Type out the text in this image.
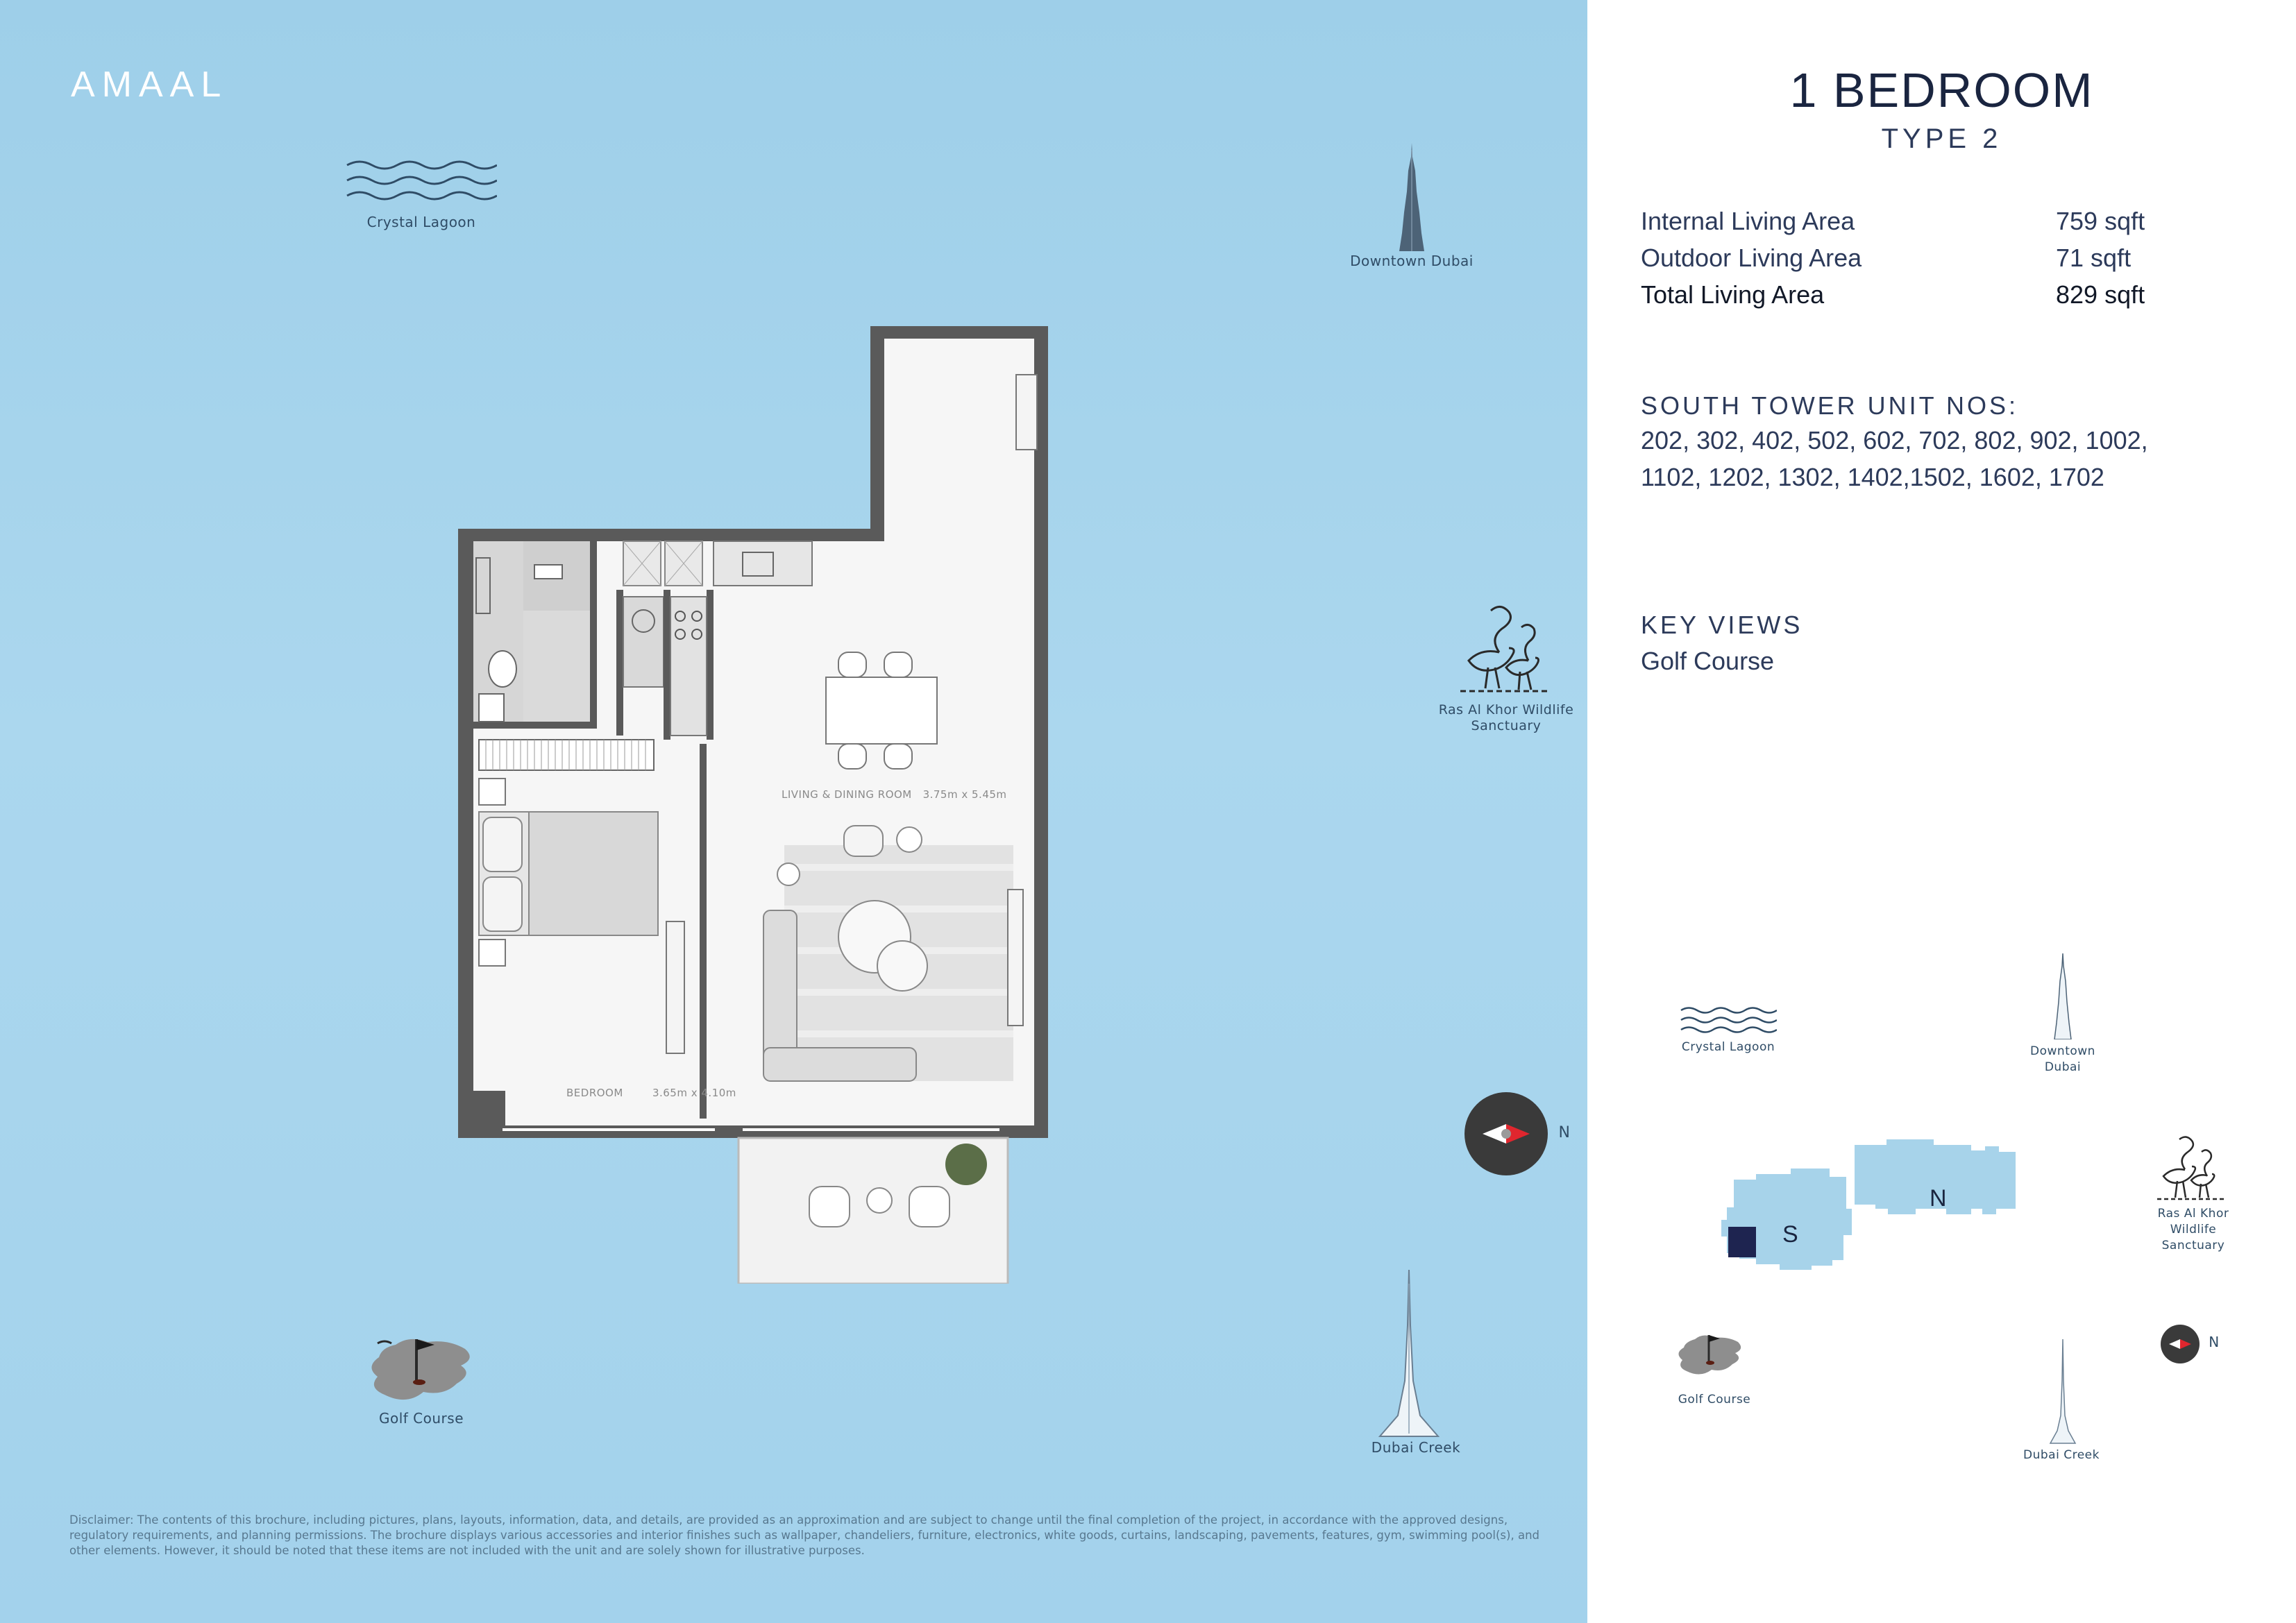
AMAAL
Crystal Lagoon
Downtown Dubai
Ras Al Khor Wildlife
Sanctuary
N
Golf Course
Dubai Creek
LIVING & DINING ROOM 3.75m x 5.45m
BEDROOM	3.65m x 4.10m
Disclaimer: The contents of this brochure, including pictures, plans, layouts, information, data, and details, are provided as an approximation and are subject to change until the final completion of the project, in accordance with the approved designs, regulatory requirements, and planning permissions. The brochure displays various accessories and interior finishes such as wallpaper, chandeliers, furniture, electronics, white goods, curtains, landscaping, pavements, features, gym, swimming pool(s), and other elements. However, it should be noted that these items are not included with the unit and are solely shown for illustrative purposes.
1 BEDROOM
TYPE 2
Internal Living Area	759 sqft
Outdoor Living Area	71 sqft
Total Living Area	829 sqft
SOUTH TOWER UNIT NOS:
202, 302, 402, 502, 602, 702, 802, 902, 1002, 1102, 1202, 1302, 1402,1502, 1602, 1702
KEY VIEWS
Golf Course
Crystal Lagoon	Downtown
Dubai
Ras Al Khor
Wildlife
Sanctuary
S
N
Golf Course
Dubai Creek
N
